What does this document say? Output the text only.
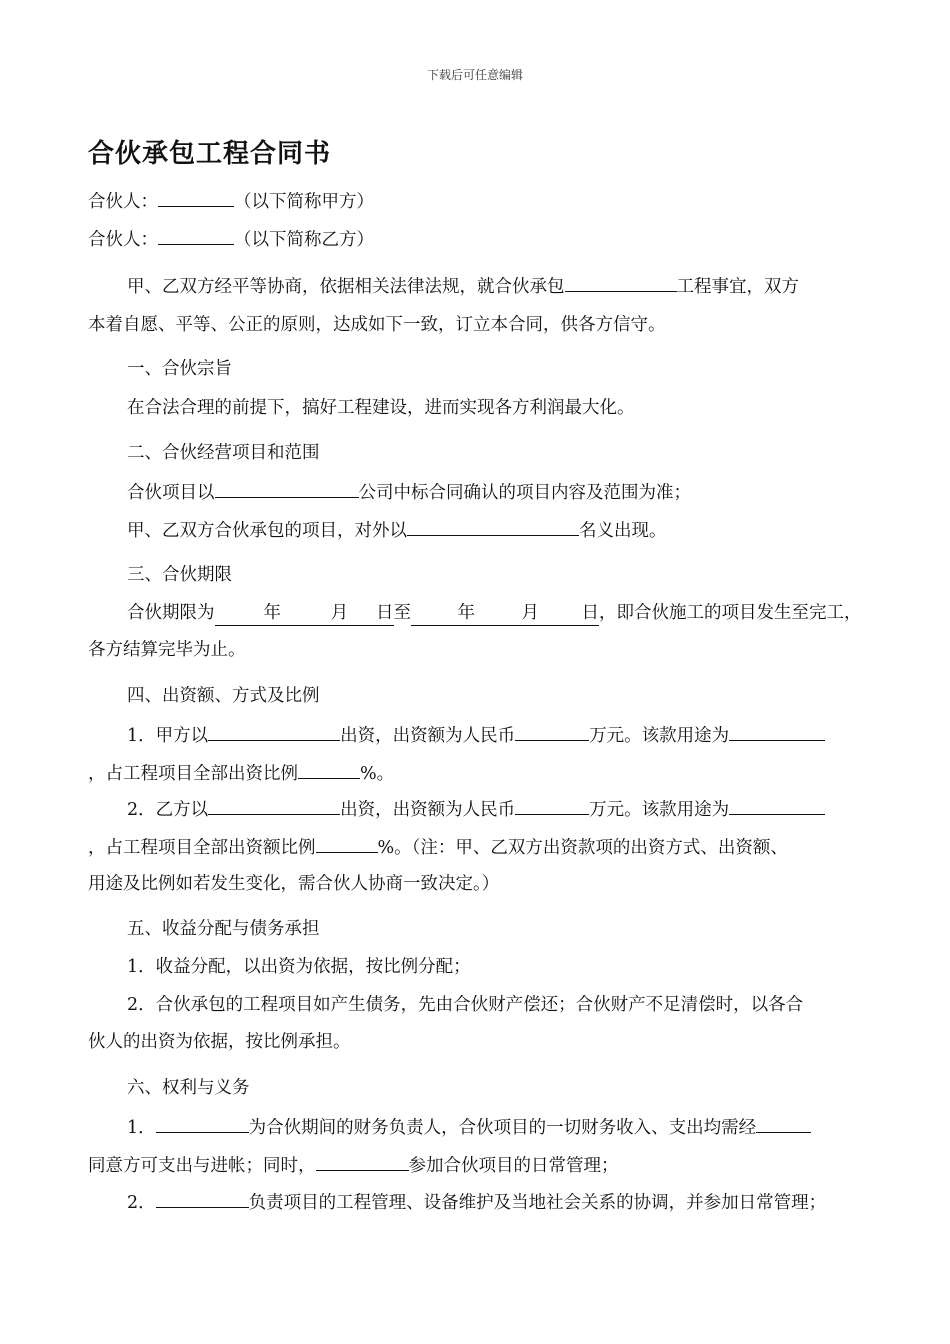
下载后可任意编辑
合伙承包工程合同书
合伙人：	（以下简称甲方）
合伙人：	（以下简称乙方）
甲、乙双方经平等协商，依据相关法律法规，就合伙承包	工程事宜，双方
本着自愿、平等、公正的原则，达成如下一致，订立本合同，供各方信守。
一、合伙宗旨
在合法合理的前提下，搞好工程建设，进而实现各方利润最大化。
二、合伙经营项目和范围
合伙项目以	公司中标合同确认的项目内容及范围为准；
甲、乙双方合伙承包的项目，对外以	名义出现。
三、合伙期限
合伙期限为	年	月 日至	年	月 日，即合伙施工的项目发生至完工，
各方结算完毕为止。
四、出资额、方式及比例
1．甲方以	出资，出资额为人民币	万元。该款用途为
，占工程项目全部出资比例	%。
2．乙方以	出资，出资额为人民币	万元。该款用途为
，占工程项目全部出资额比例	%。（注：甲、乙双方出资款项的出资方式、出资额、
用途及比例如若发生变化，需合伙人协商一致决定。）
五、收益分配与债务承担
1．收益分配，以出资为依据，按比例分配；
2．合伙承包的工程项目如产生债务，先由合伙财产偿还；合伙财产不足清偿时，以各合
伙人的出资为依据，按比例承担。
六、权利与义务
1．	为合伙期间的财务负责人，合伙项目的一切财务收入、支出均需经
同意方可支出与进帐；同时，	参加合伙项目的日常管理；
2．	负责项目的工程管理、设备维护及当地社会关系的协调，并参加日常管理；
